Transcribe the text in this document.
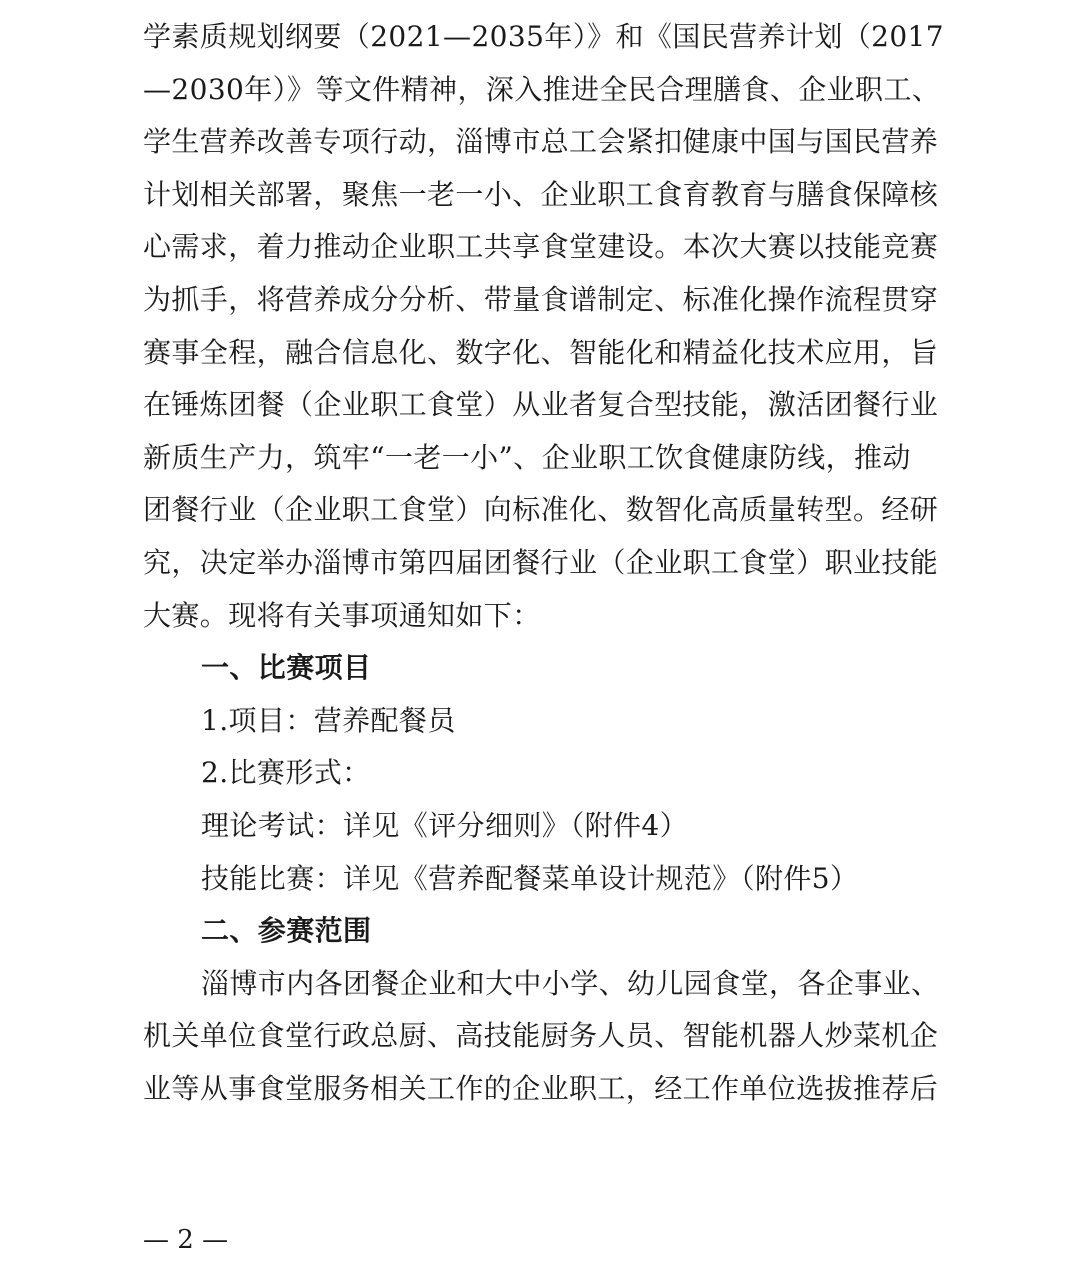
学素质规划纲要（2021—2035年）》和《国民营养计划（2017
—2030年）》等文件精神，深入推进全民合理膳食、企业职工、
学生营养改善专项行动，淄博市总工会紧扣健康中国与国民营养
计划相关部署，聚焦一老一小、企业职工食育教育与膳食保障核
心需求，着力推动企业职工共享食堂建设。本次大赛以技能竞赛
为抓手，将营养成分分析、带量食谱制定、标准化操作流程贯穿
赛事全程，融合信息化、数字化、智能化和精益化技术应用，旨
在锤炼团餐（企业职工食堂）从业者复合型技能，激活团餐行业
新质生产力，筑牢“一老一小”、企业职工饮食健康防线，推动
团餐行业（企业职工食堂）向标准化、数智化高质量转型。经研
究，决定举办淄博市第四届团餐行业（企业职工食堂）职业技能
大赛。现将有关事项通知如下：
一、比赛项目
1.项目：营养配餐员
2.比赛形式：
理论考试：详见《评分细则》（附件4）
技能比赛：详见《营养配餐菜单设计规范》（附件5）
二、参赛范围
淄博市内各团餐企业和大中小学、幼儿园食堂，各企事业、
机关单位食堂行政总厨、高技能厨务人员、智能机器人炒菜机企
业等从事食堂服务相关工作的企业职工，经工作单位选拔推荐后
— 2 —
